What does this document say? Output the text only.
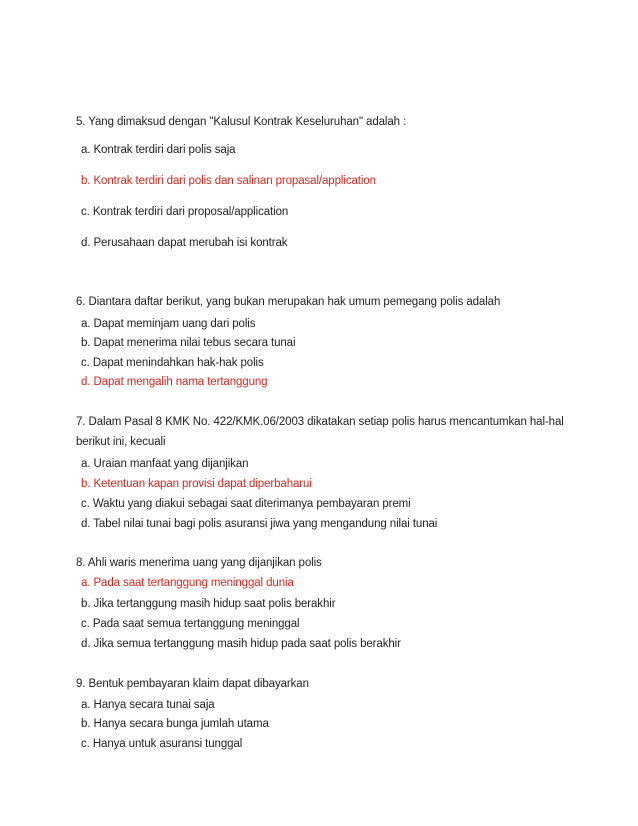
5. Yang dimaksud dengan "Kalusul Kontrak Keseluruhan" adalah :
a. Kontrak terdiri dari polis saja
b. Kontrak terdiri dari polis dan salinan propasal/application
c. Kontrak terdiri dari proposal/application
d. Perusahaan dapat merubah isi kontrak
6. Diantara daftar berikut, yang bukan merupakan hak umum pemegang polis adalah
a. Dapat meminjam uang dari polis
b. Dapat menerima nilai tebus secara tunai
c. Dapat menindahkan hak-hak polis
d. Dapat mengalih nama tertanggung
7. Dalam Pasal 8 KMK No. 422/KMK.06/2003 dikatakan setiap polis harus mencantumkan hal-hal
berikut ini, kecuali
a. Uraian manfaat yang dijanjikan
b. Ketentuan kapan provisi dapat diperbaharui
c. Waktu yang diakui sebagai saat diterimanya pembayaran premi
d. Tabel nilai tunai bagi polis asuransi jiwa yang mengandung nilai tunai
8. Ahli waris menerima uang yang dijanjikan polis
a. Pada saat tertanggung meninggal dunia
b. Jika tertanggung masih hidup saat polis berakhir
c. Pada saat semua tertanggung meninggal
d. Jika semua tertanggung masih hidup pada saat polis berakhir
9. Bentuk pembayaran klaim dapat dibayarkan
a. Hanya secara tunai saja
b. Hanya secara bunga jumlah utama
c. Hanya untuk asuransi tunggal
